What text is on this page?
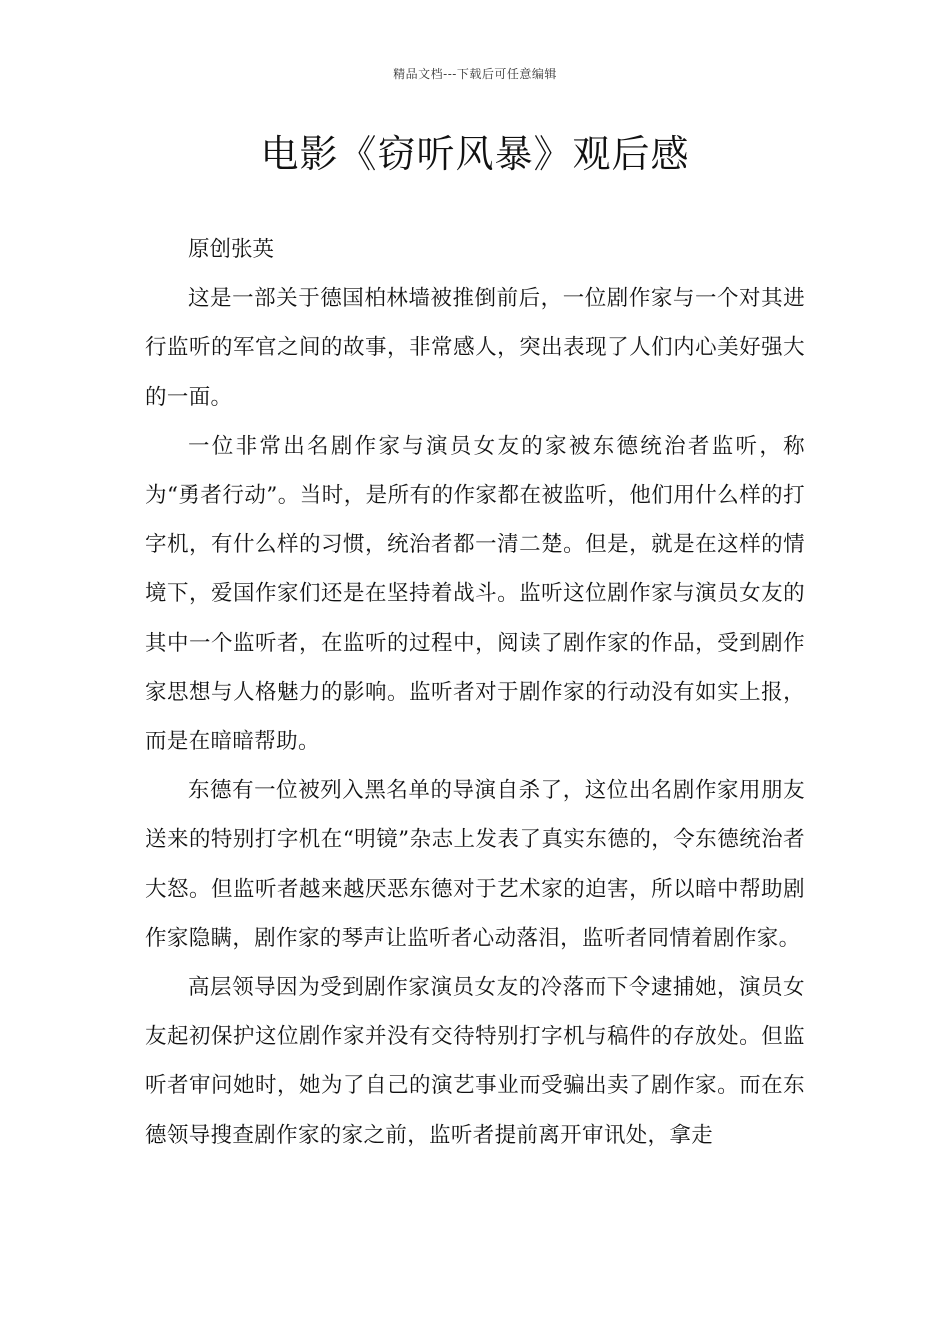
精品文档---下载后可任意编辑
电影《窃听风暴》观后感

原创张英

这是一部关于德国柏林墙被推倒前后，一位剧作家与一个对其进行监听的军官之间的故事，非常感人，突出表现了人们内心美好强大的一面。

一位非常出名剧作家与演员女友的家被东德统治者监听，称为“勇者行动”。当时，是所有的作家都在被监听，他们用什么样的打字机，有什么样的习惯，统治者都一清二楚。但是，就是在这样的情境下，爱国作家们还是在坚持着战斗。监听这位剧作家与演员女友的其中一个监听者，在监听的过程中，阅读了剧作家的作品，受到剧作家思想与人格魅力的影响。监听者对于剧作家的行动没有如实上报，而是在暗暗帮助。

东德有一位被列入黑名单的导演自杀了，这位出名剧作家用朋友送来的特别打字机在“明镜”杂志上发表了真实东德的，令东德统治者大怒。但监听者越来越厌恶东德对于艺术家的迫害，所以暗中帮助剧作家隐瞒，剧作家的琴声让监听者心动落泪，监听者同情着剧作家。

高层领导因为受到剧作家演员女友的冷落而下令逮捕她，演员女友起初保护这位剧作家并没有交待特别打字机与稿件的存放处。但监听者审问她时，她为了自己的演艺事业而受骗出卖了剧作家。而在东德领导搜查剧作家的家之前，监听者提前离开审讯处，拿走
